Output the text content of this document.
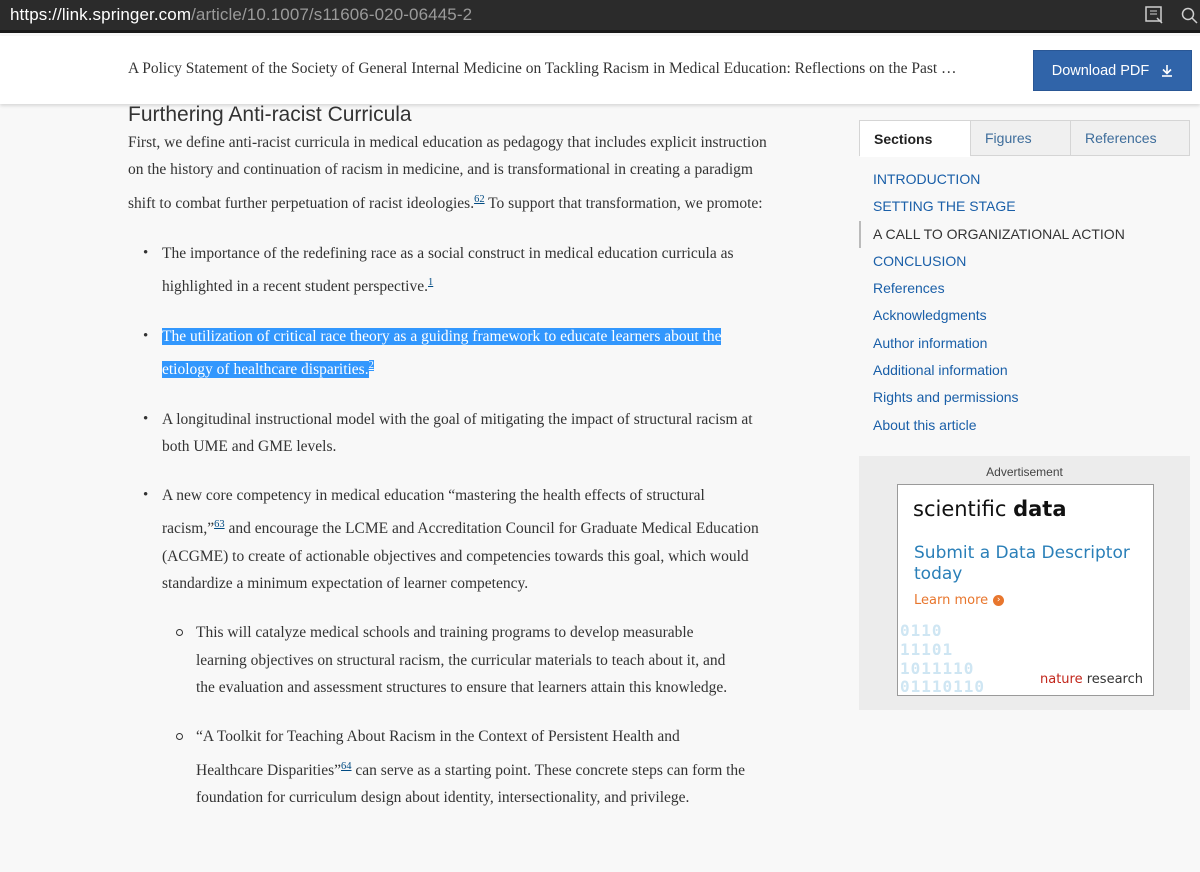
https://link.springer.com/article/10.1007/s11606-020-06445-2
A Policy Statement of the Society of General Internal Medicine on Tackling Racism in Medical Education: Reflections on the Past …	Download PDF
Furthering Anti-racist Curricula

First, we define anti-racist curricula in medical education as pedagogy that includes explicit instruction on the history and continuation of racism in medicine, and is transformational in creating a paradigm shift to combat further perpetuation of racist ideologies.$^{62}$ To support that transformation, we promote:

• The importance of the redefining race as a social construct in medical education curricula as highlighted in a recent student perspective.$^1$
• The utilization of critical race theory as a guiding framework to educate learners about the etiology of healthcare disparities.$^2$
• A longitudinal instructional model with the goal of mitigating the impact of structural racism at both UME and GME levels.
• A new core competency in medical education “mastering the health effects of structural racism,”$^{63}$ and encourage the LCME and Accreditation Council for Graduate Medical Education (ACGME) to create of actionable objectives and competencies towards this goal, which would standardize a minimum expectation of learner competency.
This will catalyze medical schools and training programs to develop measurable learning objectives on structural racism, the curricular materials to teach about it, and the evaluation and assessment structures to ensure that learners attain this knowledge.
“A Toolkit for Teaching About Racism in the Context of Persistent Health and Healthcare Disparities”$^{64}$ can serve as a starting point. These concrete steps can form the foundation for curriculum design about identity, intersectionality, and privilege.
Sections	Figures	References
INTRODUCTION
SETTING THE STAGE
A CALL TO ORGANIZATIONAL ACTION
CONCLUSION
References
Acknowledgments
Author information
Additional information
Rights and permissions
About this article
Advertisement
scientific data
Submit a Data Descriptor today
Learn more ›
0110
11101
1011110
01110110	nature research
